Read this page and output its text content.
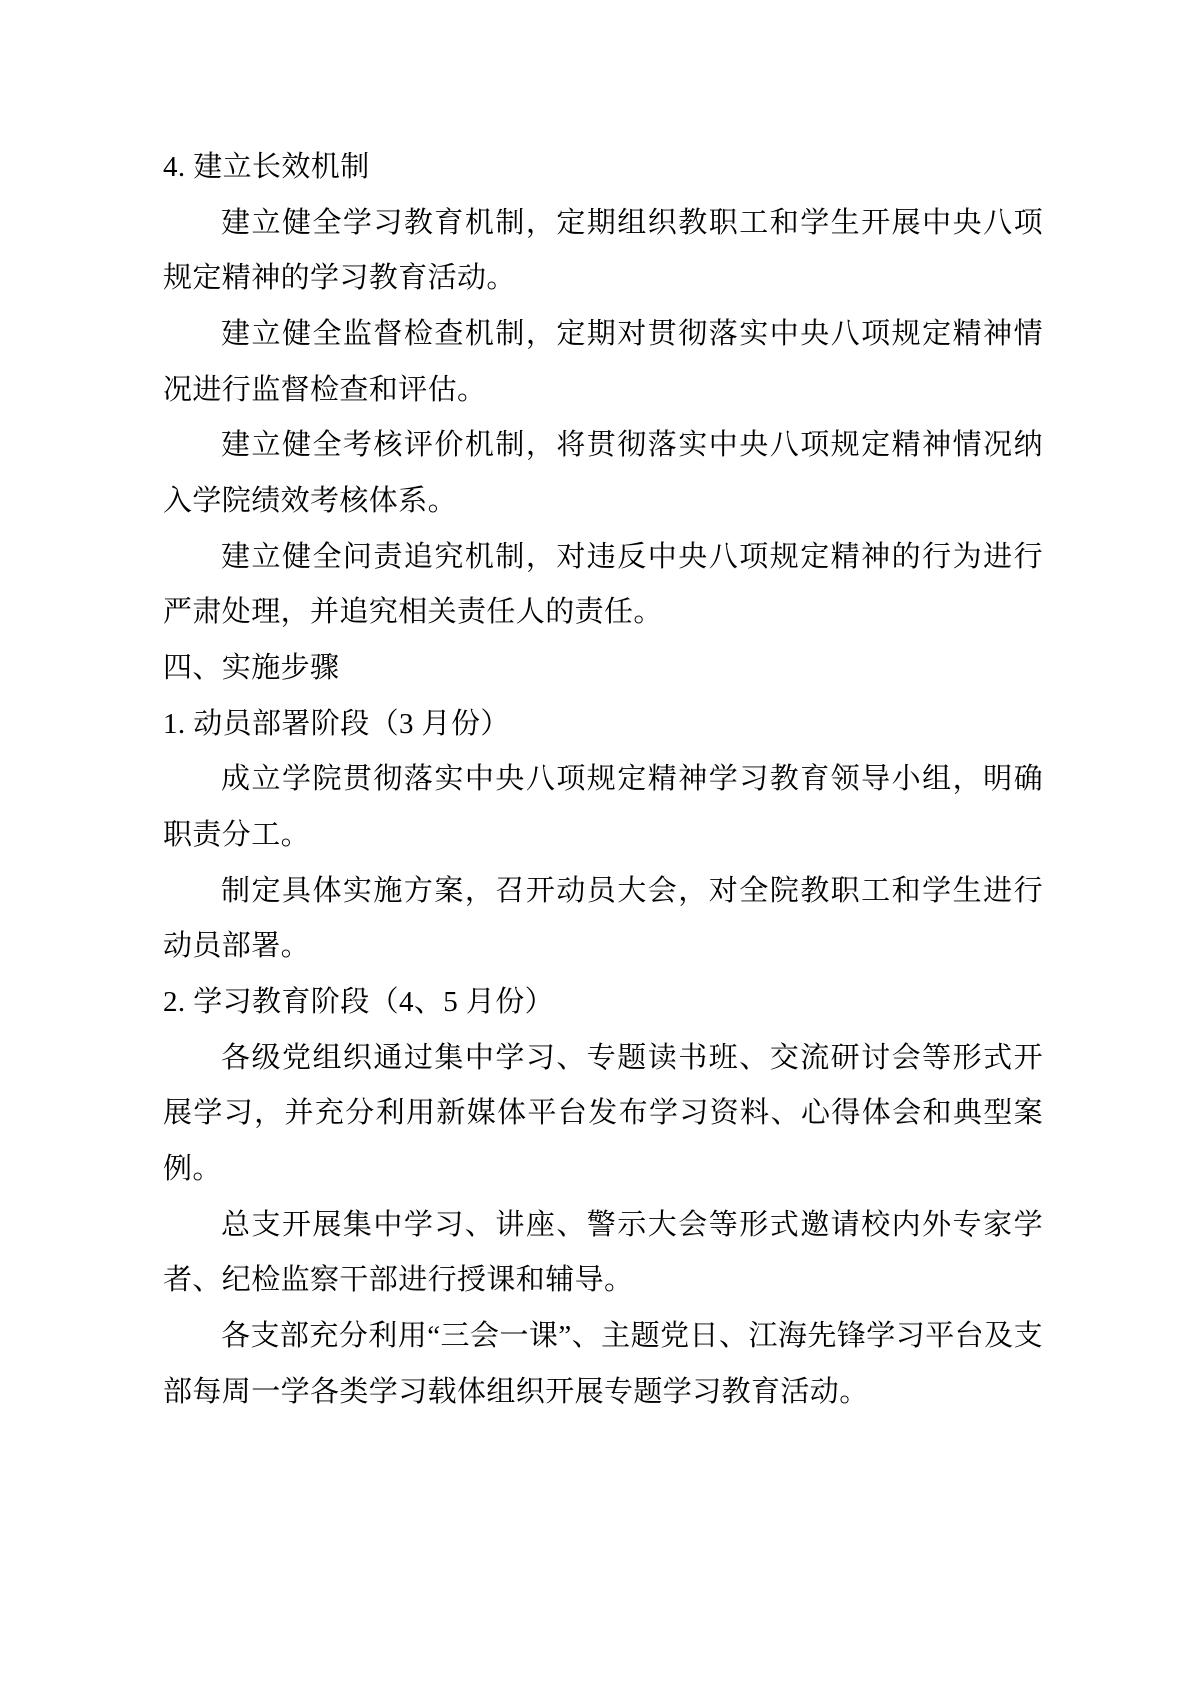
4. 建立长效机制

建立健全学习教育机制，定期组织教职工和学生开展中央八项规定精神的学习教育活动。

建立健全监督检查机制，定期对贯彻落实中央八项规定精神情况进行监督检查和评估。

建立健全考核评价机制，将贯彻落实中央八项规定精神情况纳入学院绩效考核体系。

建立健全问责追究机制，对违反中央八项规定精神的行为进行严肃处理，并追究相关责任人的责任。

四、实施步骤

1. 动员部署阶段（3 月份）

成立学院贯彻落实中央八项规定精神学习教育领导小组，明确职责分工。

制定具体实施方案，召开动员大会，对全院教职工和学生进行动员部署。

2. 学习教育阶段（4、5 月份）

各级党组织通过集中学习、专题读书班、交流研讨会等形式开展学习，并充分利用新媒体平台发布学习资料、心得体会和典型案例。

总支开展集中学习、讲座、警示大会等形式邀请校内外专家学者、纪检监察干部进行授课和辅导。

各支部充分利用“三会一课”、主题党日、江海先锋学习平台及支部每周一学各类学习载体组织开展专题学习教育活动。
